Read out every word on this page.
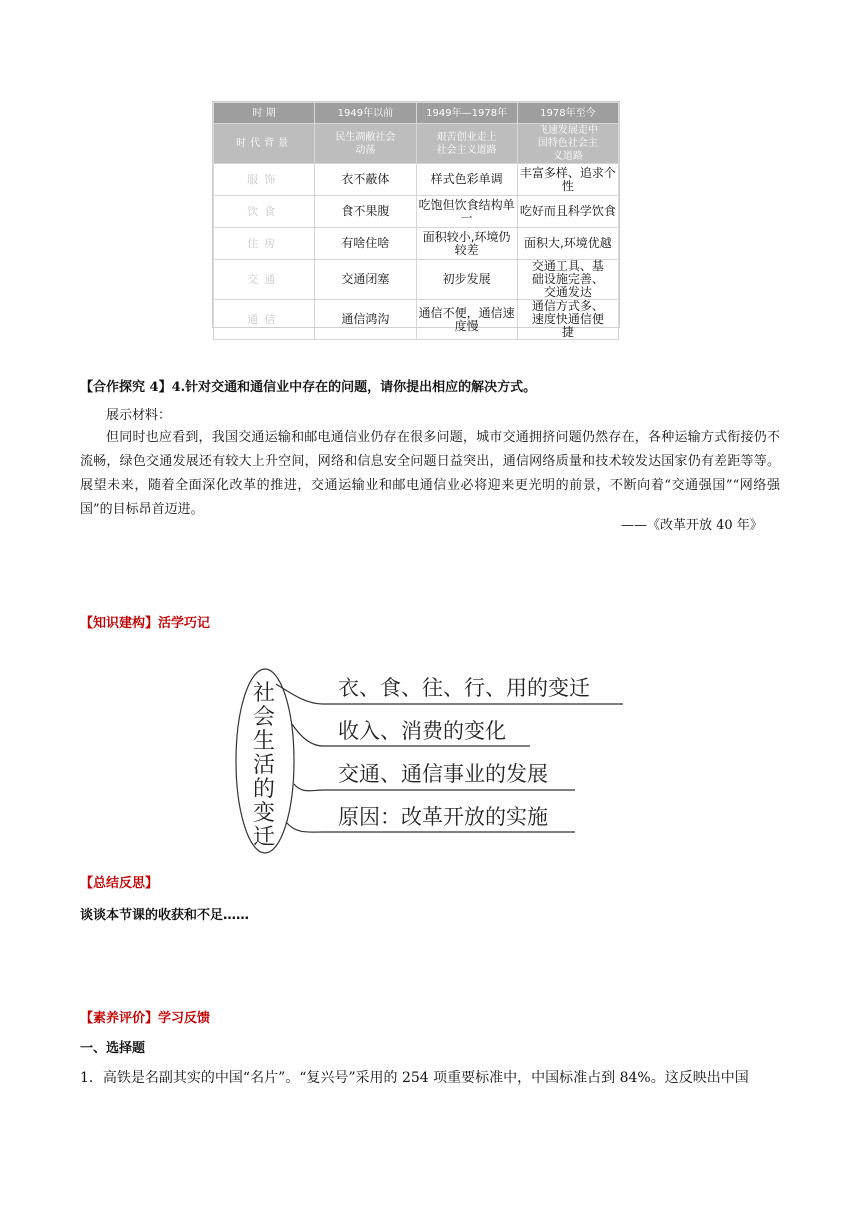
时 期	1949年以前	1949年—1978年	1978年至今
时代背景	民生凋敝社会动荡	艰苦创业走上社会主义道路	飞速发展走中国特色社会主义道路
服饰	衣不蔽体	样式色彩单调	丰富多样、追求个性
饮食	食不果腹	吃饱但饮食结构单一	吃好而且科学饮食
住房	有啥住啥	面积较小,环境仍较差	面积大,环境优越
交通	交通闭塞	初步发展	交通工具、基础设施完善、交通发达
通信	通信鸿沟	通信不便，通信速度慢	通信方式多、速度快通信便捷
【合作探究 4】4.针对交通和通信业中存在的问题，请你提出相应的解决方式。
展示材料：
但同时也应看到，我国交通运输和邮电通信业仍存在很多问题，城市交通拥挤问题仍然存在，各种运输方式衔接仍不流畅，绿色交通发展还有较大上升空间，网络和信息安全问题日益突出，通信网络质量和技术较发达国家仍有差距等等。展望未来，随着全面深化改革的推进，交通运输业和邮电通信业必将迎来更光明的前景，不断向着“交通强国”“网络强国”的目标昂首迈进。
——《改革开放 40 年》
【知识建构】活学巧记
社会生活的变迁
衣、食、往、行、用的变迁
收入、消费的变化
交通、通信事业的发展
原因：改革开放的实施
【总结反思】
谈谈本节课的收获和不足……
【素养评价】学习反馈
一、选择题
1．高铁是名副其实的中国“名片”。“复兴号”采用的 254 项重要标准中，中国标准占到 84%。这反映出中国
